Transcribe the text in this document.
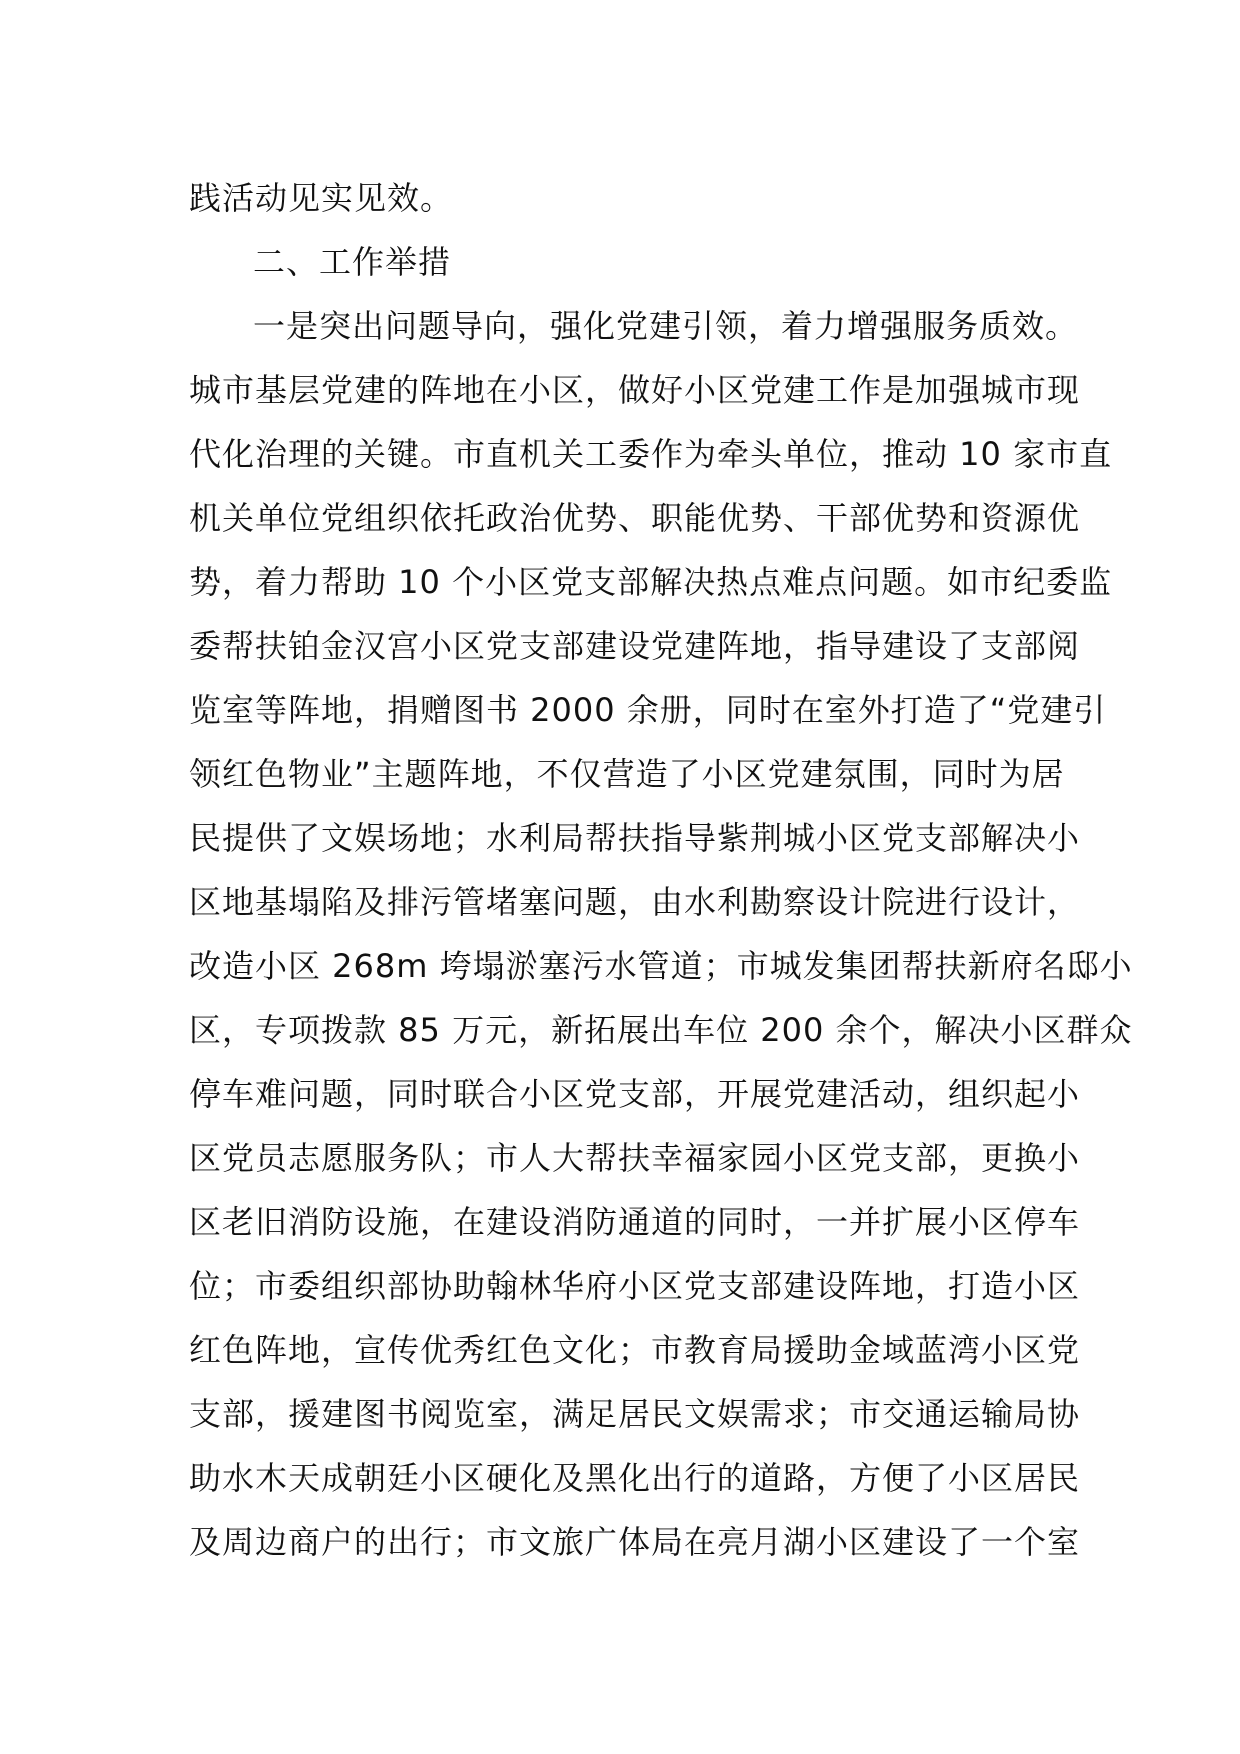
践活动见实见效。
二、工作举措
一是突出问题导向，强化党建引领，着力增强服务质效。
城市基层党建的阵地在小区，做好小区党建工作是加强城市现
代化治理的关键。市直机关工委作为牵头单位，推动 10 家市直
机关单位党组织依托政治优势、职能优势、干部优势和资源优
势，着力帮助 10 个小区党支部解决热点难点问题。如市纪委监
委帮扶铂金汉宫小区党支部建设党建阵地，指导建设了支部阅
览室等阵地，捐赠图书 2000 余册，同时在室外打造了“党建引
领红色物业”主题阵地，不仅营造了小区党建氛围，同时为居
民提供了文娱场地；水利局帮扶指导紫荆城小区党支部解决小
区地基塌陷及排污管堵塞问题，由水利勘察设计院进行设计，
改造小区 268m 垮塌淤塞污水管道；市城发集团帮扶新府名邸小
区，专项拨款 85 万元，新拓展出车位 200 余个，解决小区群众
停车难问题，同时联合小区党支部，开展党建活动，组织起小
区党员志愿服务队；市人大帮扶幸福家园小区党支部，更换小
区老旧消防设施，在建设消防通道的同时，一并扩展小区停车
位；市委组织部协助翰林华府小区党支部建设阵地，打造小区
红色阵地，宣传优秀红色文化；市教育局援助金域蓝湾小区党
支部，援建图书阅览室，满足居民文娱需求；市交通运输局协
助水木天成朝廷小区硬化及黑化出行的道路，方便了小区居民
及周边商户的出行；市文旅广体局在亮月湖小区建设了一个室
